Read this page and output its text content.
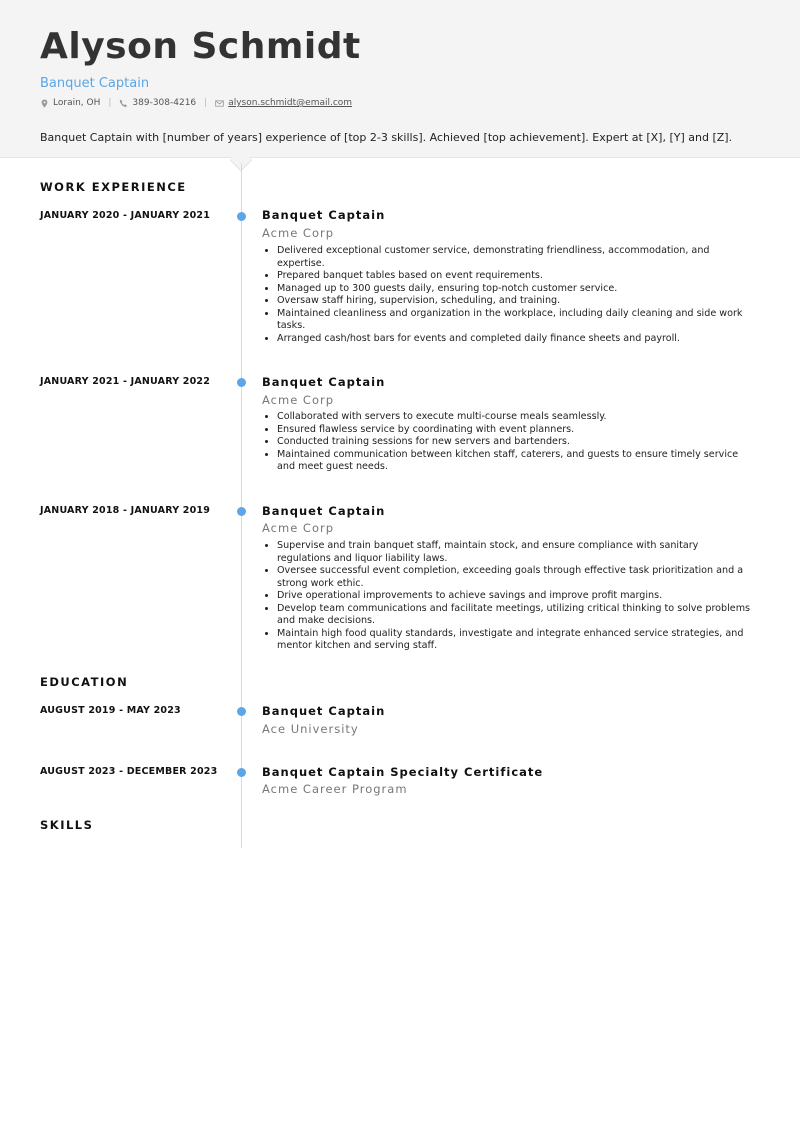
Alyson Schmidt
Banquet Captain
Lorain, OH | 389-308-4216 | alyson.schmidt@email.com
Banquet Captain with [number of years] experience of [top 2-3 skills]. Achieved [top achievement]. Expert at [X], [Y] and [Z].
WORK EXPERIENCE
JANUARY 2020 - JANUARY 2021	Banquet Captain
Acme Corp
• Delivered exceptional customer service, demonstrating friendliness, accommodation, and expertise.
• Prepared banquet tables based on event requirements.
• Managed up to 300 guests daily, ensuring top-notch customer service.
• Oversaw staff hiring, supervision, scheduling, and training.
• Maintained cleanliness and organization in the workplace, including daily cleaning and side work tasks.
• Arranged cash/host bars for events and completed daily finance sheets and payroll.
JANUARY 2021 - JANUARY 2022	Banquet Captain
Acme Corp
• Collaborated with servers to execute multi-course meals seamlessly.
• Ensured flawless service by coordinating with event planners.
• Conducted training sessions for new servers and bartenders.
• Maintained communication between kitchen staff, caterers, and guests to ensure timely service and meet guest needs.
JANUARY 2018 - JANUARY 2019	Banquet Captain
Acme Corp
• Supervise and train banquet staff, maintain stock, and ensure compliance with sanitary regulations and liquor liability laws.
• Oversee successful event completion, exceeding goals through effective task prioritization and a strong work ethic.
• Drive operational improvements to achieve savings and improve profit margins.
• Develop team communications and facilitate meetings, utilizing critical thinking to solve problems and make decisions.
• Maintain high food quality standards, investigate and integrate enhanced service strategies, and mentor kitchen and serving staff.
EDUCATION
AUGUST 2019 - MAY 2023	Banquet Captain
Ace University
AUGUST 2023 - DECEMBER 2023	Banquet Captain Specialty Certificate
Acme Career Program
SKILLS
